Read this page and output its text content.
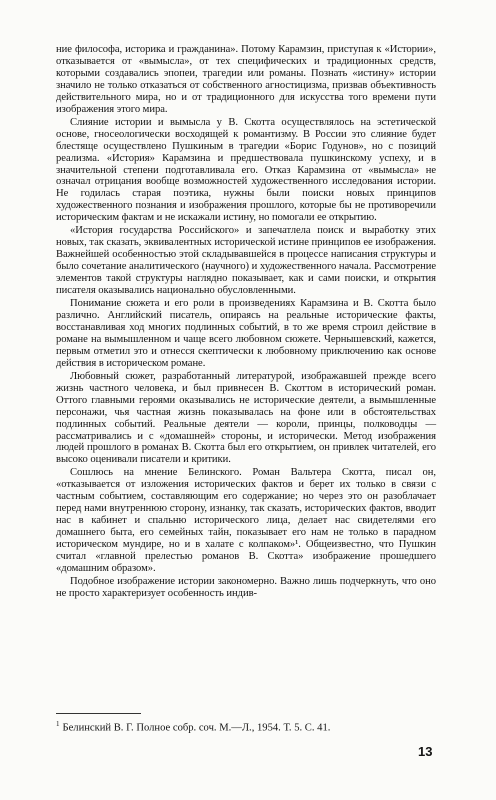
ние философа, историка и гражданина». Потому Карамзин, приступая к «Истории», отказывается от «вымысла», от тех специфических и традиционных средств, которыми создавались эпопеи, трагедии или романы. Познать «истину» истории значило не только отказаться от собственного агностицизма, призвав объективность действительного мира, но и от традиционного для искусства того времени пути изображения этого мира.

Слияние истории и вымысла у В. Скотта осуществлялось на эстетической основе, гносеологически восходящей к романтизму. В России это слияние будет блестяще осуществлено Пушкиным в трагедии «Борис Годунов», но с позиций реализма. «История» Карамзина и предшествовала пушкинскому успеху, и в значительной степени подготавливала его. Отказ Карамзина от «вымысла» не означал отрицания вообще возможностей художественного исследования истории. Не годилась старая поэтика, нужны были поиски новых принципов художественного познания и изображения прошлого, которые бы не противоречили историческим фактам и не искажали истину, но помогали ее открытию.

«История государства Российского» и запечатлела поиск и выработку этих новых, так сказать, эквивалентных исторической истине принципов ее изображения. Важнейшей особенностью этой складывавшейся в процессе написания структуры и было сочетание аналитического (научного) и художественного начала. Рассмотрение элементов такой структуры наглядно показывает, как и сами поиски, и открытия писателя оказывались национально обусловленными.

Понимание сюжета и его роли в произведениях Карамзина и В. Скотта было различно. Английский писатель, опираясь на реальные исторические факты, восстанавливая ход многих подлинных событий, в то же время строил действие в романе на вымышленном и чаще всего любовном сюжете. Чернышевский, кажется, первым отметил это и отнесся скептически к любовному приключению как основе действия в историческом романе.

Любовный сюжет, разработанный литературой, изображавшей прежде всего жизнь частного человека, и был привнесен В. Скоттом в исторический роман. Оттого главными героями оказывались не исторические деятели, а вымышленные персонажи, чья частная жизнь показывалась на фоне или в обстоятельствах подлинных событий. Реальные деятели — короли, принцы, полководцы — рассматривались и с «домашней» стороны, и исторически. Метод изображения людей прошлого в романах В. Скотта был его открытием, он привлек читателей, его высоко оценивали писатели и критики.

Сошлюсь на мнение Белинского. Роман Вальтера Скотта, писал он, «отказывается от изложения исторических фактов и берет их только в связи с частным событием, составляющим его содержание; но через это он разоблачает перед нами внутреннюю сторону, изнанку, так сказать, исторических фактов, вводит нас в кабинет и спальню исторического лица, делает нас свидетелями его домашнего быта, его семейных тайн, показывает его нам не только в парадном историческом мундире, но и в халате с колпаком»¹. Общеизвестно, что Пушкин считал «главной прелестью романов В. Скотта» изображение прошедшего «домашним образом».

Подобное изображение истории закономерно. Важно лишь подчеркнуть, что оно не просто характеризует особенность индив-

$^1$ Белинский В. Г. Полное собр. соч. М.—Л., 1954. Т. 5. С. 41.
13
